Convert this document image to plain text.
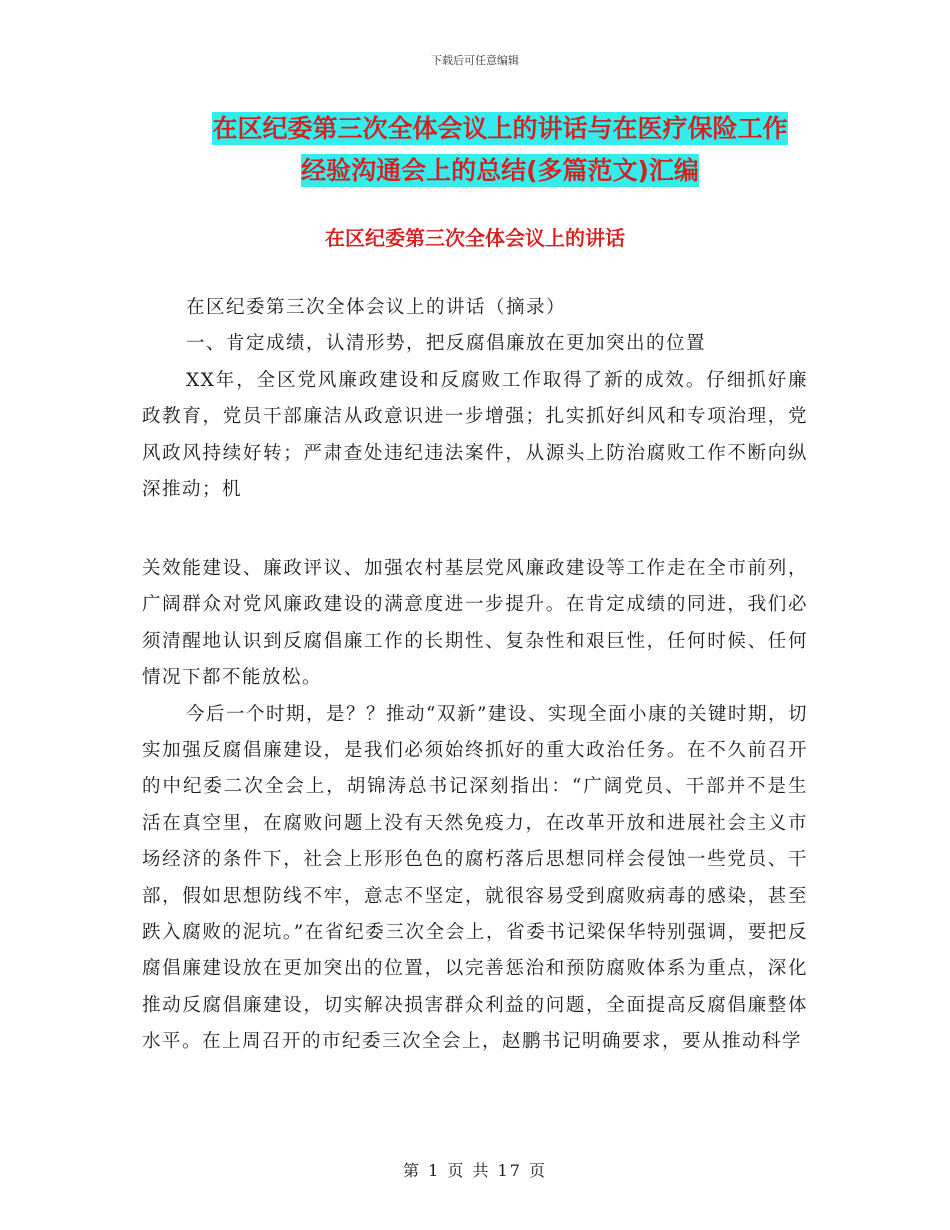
下载后可任意编辑
在区纪委第三次全体会议上的讲话与在医疗保险工作
经验沟通会上的总结(多篇范文)汇编
在区纪委第三次全体会议上的讲话

在区纪委第三次全体会议上的讲话（摘录）

一、肯定成绩，认清形势，把反腐倡廉放在更加突出的位置

XX年，全区党风廉政建设和反腐败工作取得了新的成效。仔细抓好廉政教育，党员干部廉洁从政意识进一步增强；扎实抓好纠风和专项治理，党风政风持续好转；严肃查处违纪违法案件，从源头上防治腐败工作不断向纵深推动；机

关效能建设、廉政评议、加强农村基层党风廉政建设等工作走在全市前列，广阔群众对党风廉政建设的满意度进一步提升。在肯定成绩的同进，我们必须清醒地认识到反腐倡廉工作的长期性、复杂性和艰巨性，任何时候、任何情况下都不能放松。

今后一个时期，是？？推动“双新”建设、实现全面小康的关键时期，切实加强反腐倡廉建设，是我们必须始终抓好的重大政治任务。在不久前召开的中纪委二次全会上，胡锦涛总书记深刻指出：“广阔党员、干部并不是生活在真空里，在腐败问题上没有天然免疫力，在改革开放和进展社会主义市场经济的条件下，社会上形形色色的腐朽落后思想同样会侵蚀一些党员、干部，假如思想防线不牢，意志不坚定，就很容易受到腐败病毒的感染，甚至跌入腐败的泥坑。”在省纪委三次全会上，省委书记梁保华特别强调，要把反腐倡廉建设放在更加突出的位置，以完善惩治和预防腐败体系为重点，深化推动反腐倡廉建设，切实解决损害群众利益的问题，全面提高反腐倡廉整体水平。在上周召开的市纪委三次全会上，赵鹏书记明确要求，要从推动科学

第 1 页 共 17 页
